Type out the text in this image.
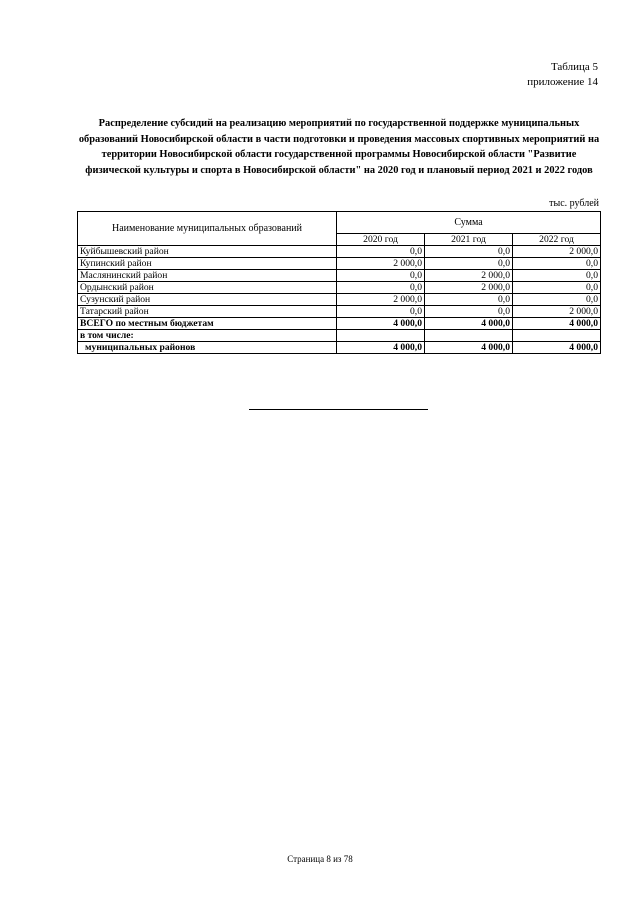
Таблица 5
приложение 14
Распределение субсидий на реализацию мероприятий по государственной поддержке муниципальных образований Новосибирской области в части подготовки и проведения массовых спортивных мероприятий на территории Новосибирской области государственной программы Новосибирской области "Развитие физической культуры и спорта в Новосибирской области" на 2020 год и плановый период 2021 и 2022 годов
тыс. рублей
Наименование муниципальных образований	Сумма		
	2020 год	2021 год	2022 год
Куйбышевский район	0,0	0,0	2 000,0
Купинский район	2 000,0	0,0	0,0
Маслянинский район	0,0	2 000,0	0,0
Ордынский район	0,0	2 000,0	0,0
Сузунский район	2 000,0	0,0	0,0
Татарский район	0,0	0,0	2 000,0
ВСЕГО по местным бюджетам	4 000,0	4 000,0	4 000,0
в том числе:			
муниципальных районов	4 000,0	4 000,0	4 000,0
Страница 8 из 78
